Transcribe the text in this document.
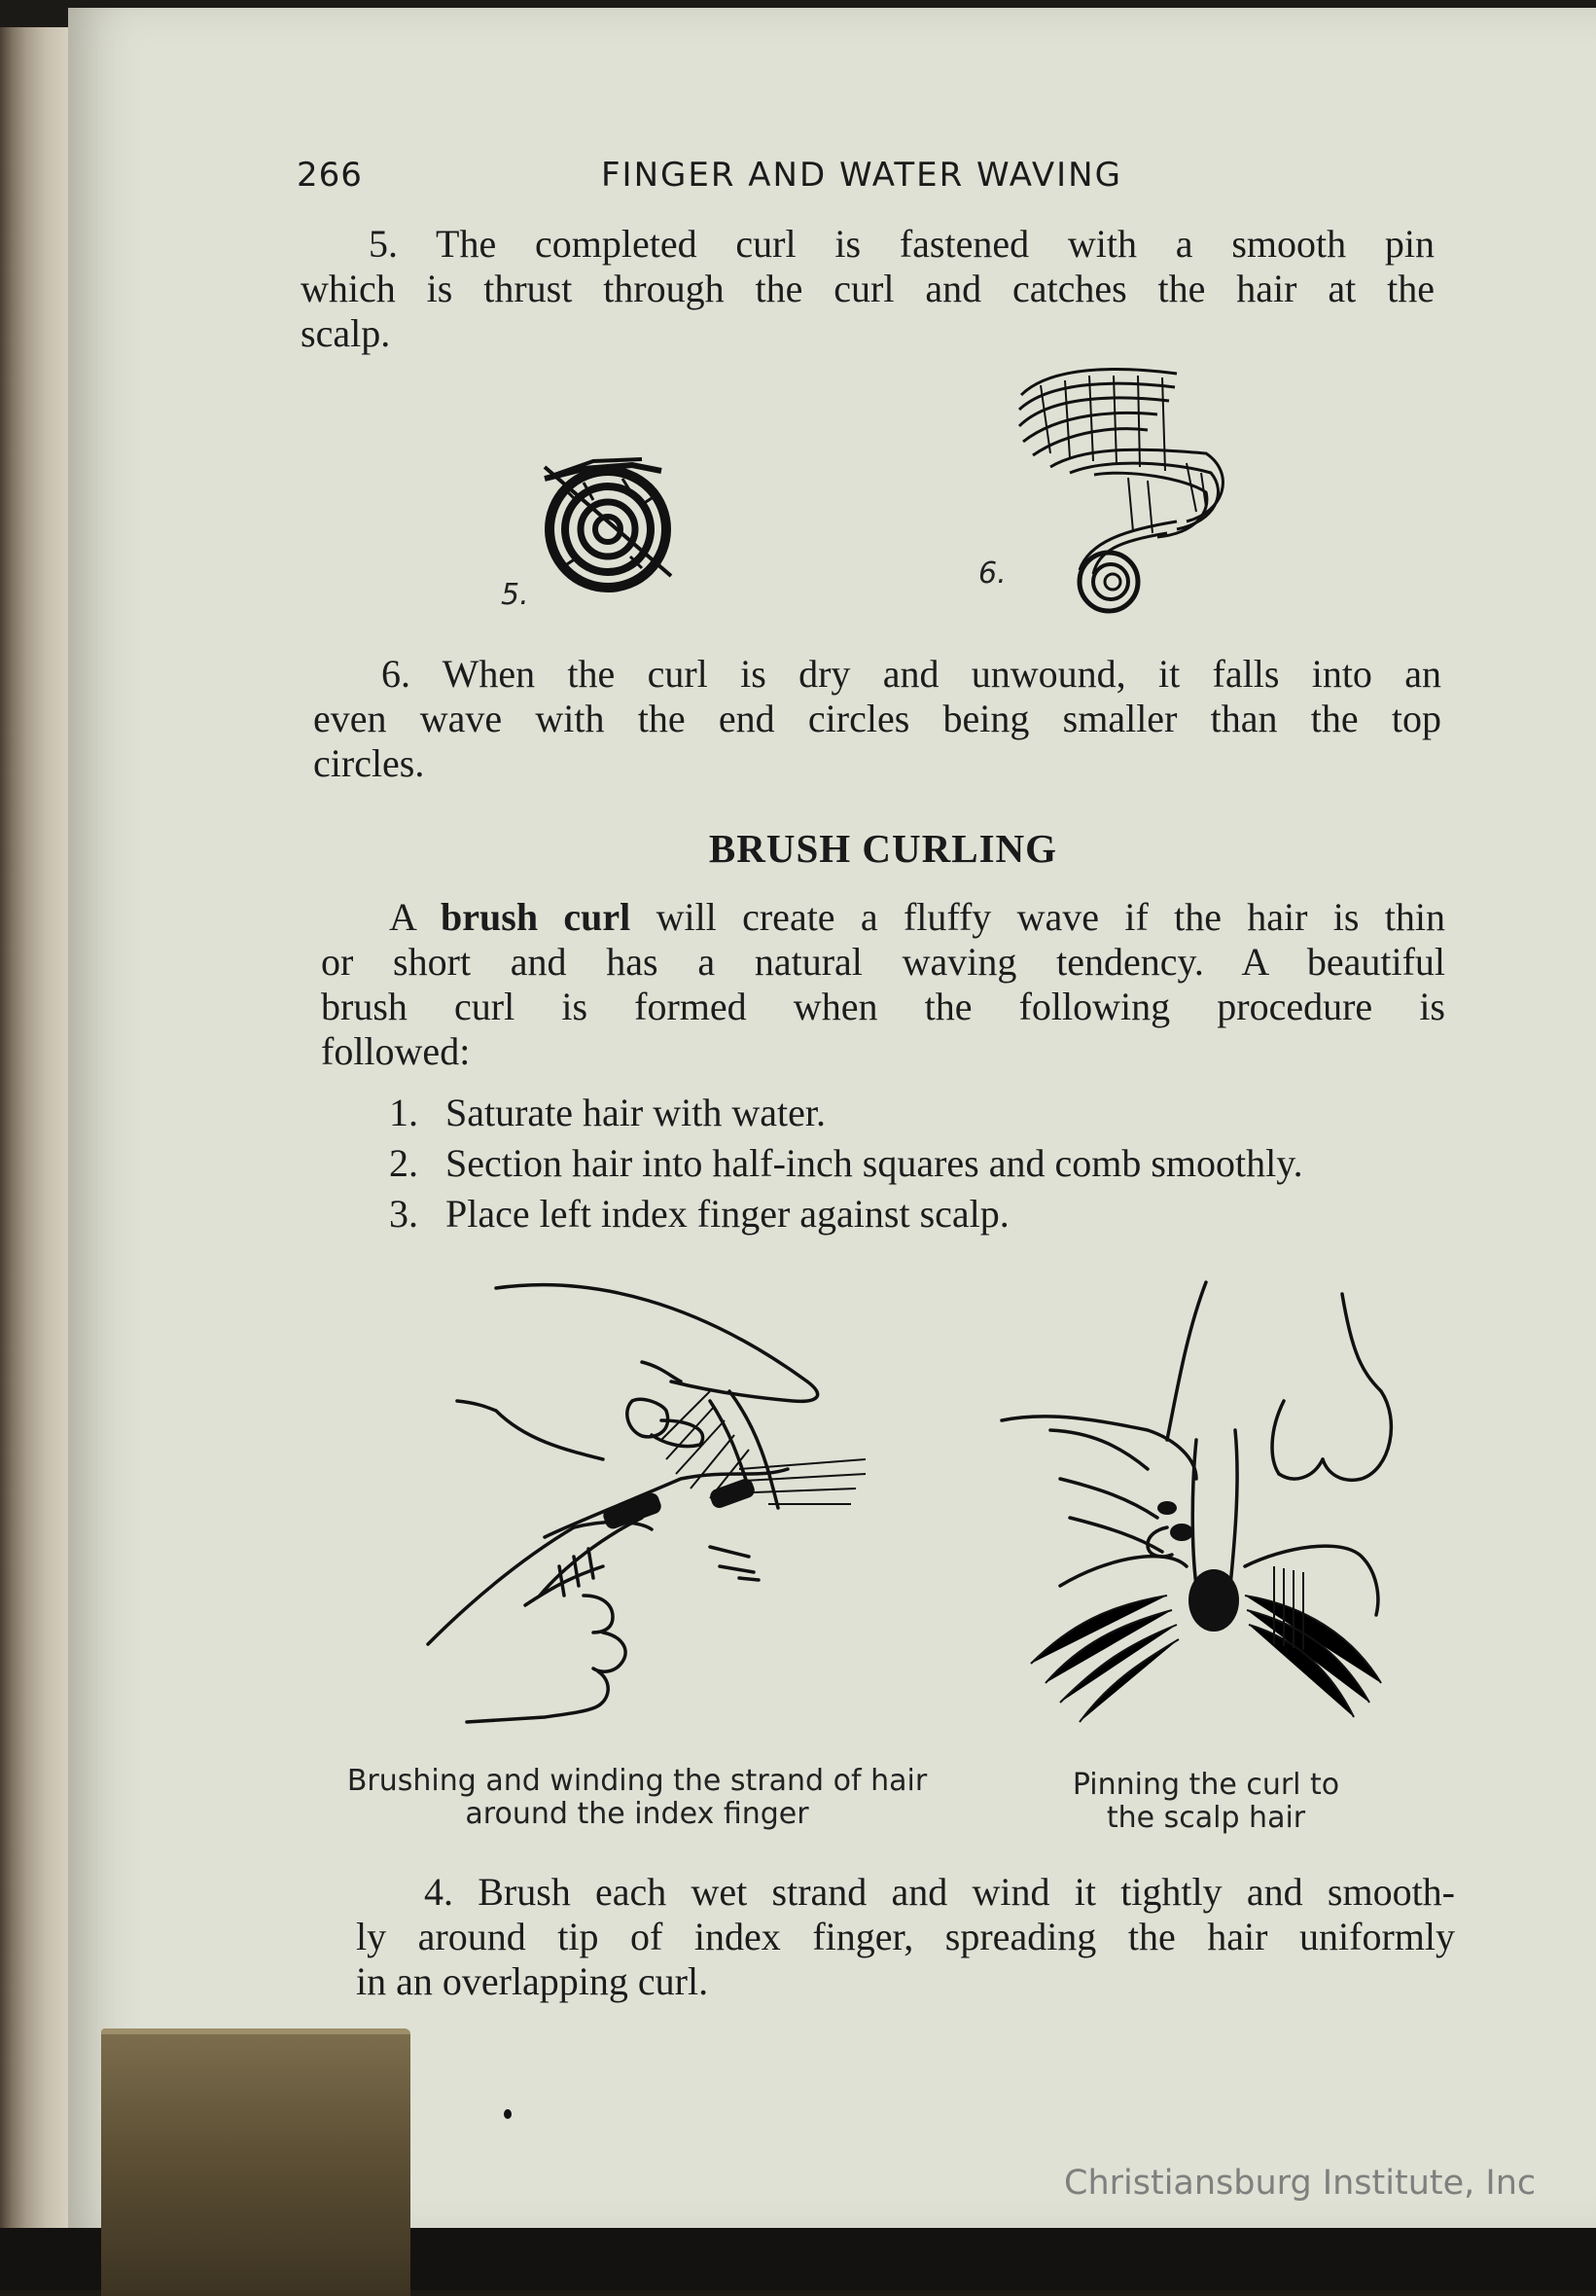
266	FINGER AND WATER WAVING
5. The completed curl is fastened with a smooth pin
which is thrust through the curl and catches the hair at the
scalp.
5.
6.
6. When the curl is dry and unwound, it falls into an
even wave with the end circles being smaller than the top
circles.
BRUSH CURLING
A brush curl will create a fluffy wave if the hair is thin
or short and has a natural waving tendency. A beautiful
brush curl is formed when the following procedure is
followed:
1. Saturate hair with water.
2. Section hair into half-inch squares and comb smoothly.
3. Place left index finger against scalp.
Brushing and winding the strand of hair
around the index finger
Pinning the curl to
the scalp hair
4. Brush each wet strand and wind it tightly and smooth-
ly around tip of index finger, spreading the hair uniformly
in an overlapping curl.
Christiansburg Institute, Inc
